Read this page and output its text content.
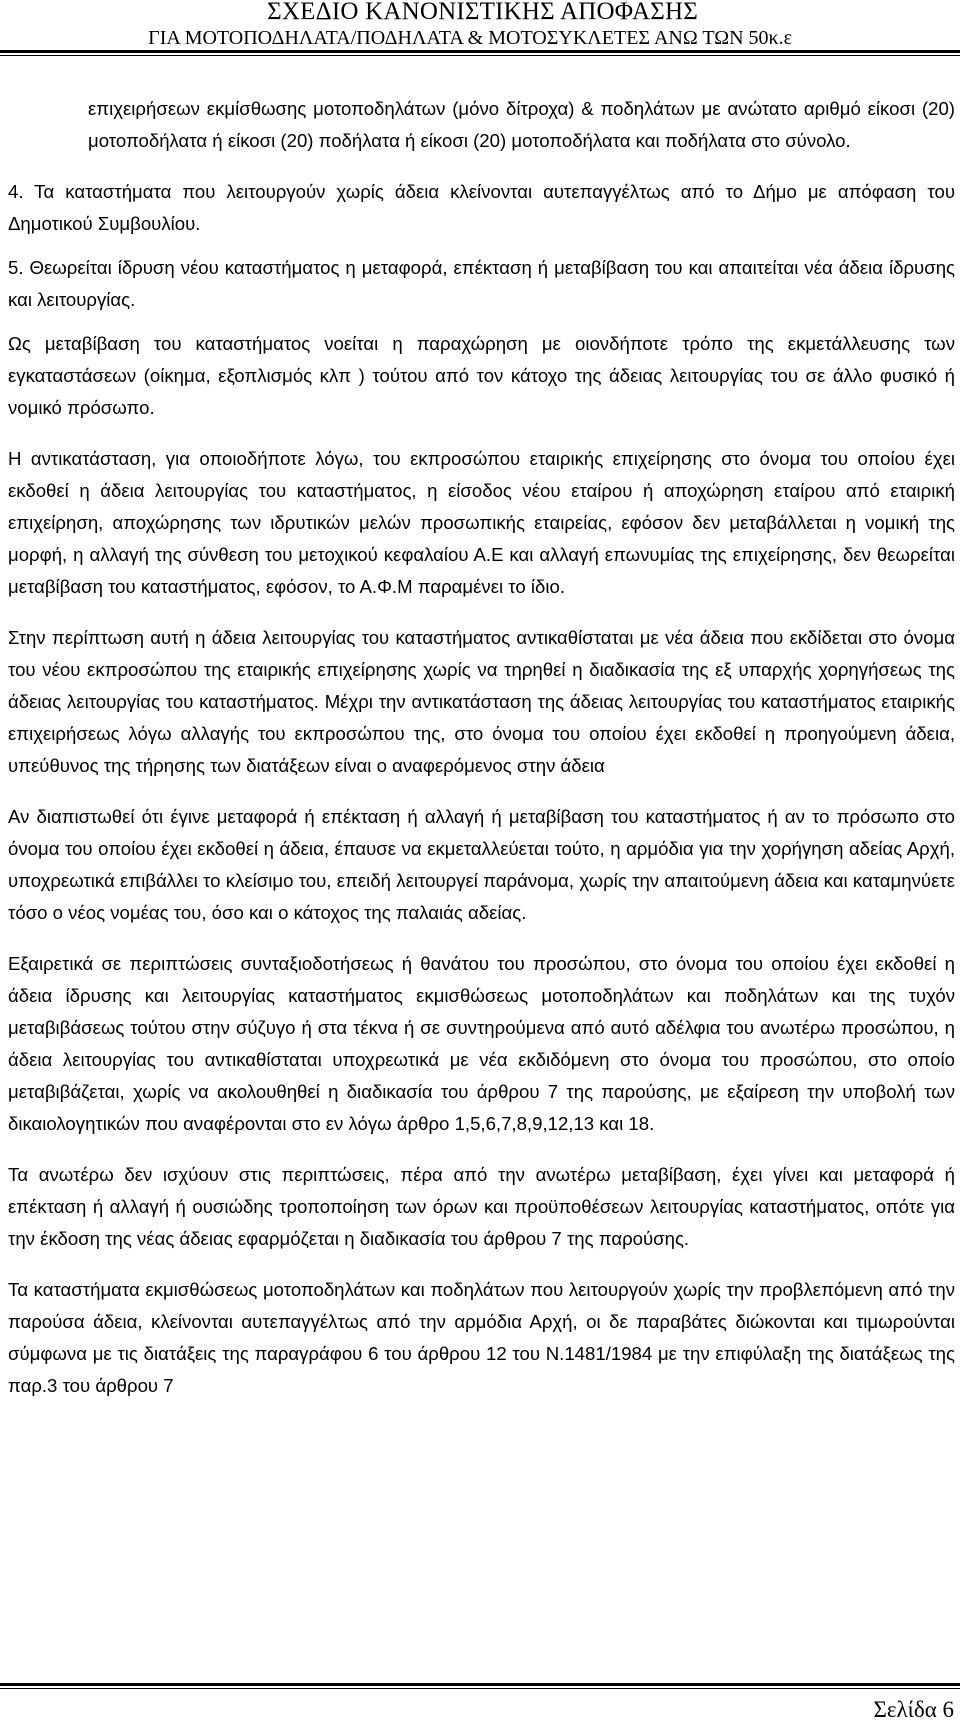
ΣΧΕΔΙΟ ΚΑΝΟΝΙΣΤΙΚΗΣ ΑΠΟΦΑΣΗΣ
ΓΙΑ ΜΟΤΟΠΟΔΗΛΑΤΑ/ΠΟΔΗΛΑΤΑ & ΜΟΤΟΣΥΚΛΕΤΕΣ ΑΝΩ ΤΩΝ 50κ.ε

επιχειρήσεων εκμίσθωσης μοτοποδηλάτων (μόνο δίτροχα) & ποδηλάτων με ανώτατο αριθμό είκοσι (20) μοτοποδήλατα ή είκοσι (20) ποδήλατα ή είκοσι (20) μοτοποδήλατα και ποδήλατα στο σύνολο.

4. Τα καταστήματα που λειτουργούν χωρίς άδεια κλείνονται αυτεπαγγέλτως από το Δήμο με απόφαση του Δημοτικού Συμβουλίου.

5. Θεωρείται ίδρυση νέου καταστήματος η μεταφορά, επέκταση ή μεταβίβαση του και απαιτείται νέα άδεια ίδρυσης και λειτουργίας.

Ως μεταβίβαση του καταστήματος νοείται η παραχώρηση με οιονδήποτε τρόπο της εκμετάλλευσης των εγκαταστάσεων (οίκημα, εξοπλισμός κλπ ) τούτου από τον κάτοχο της άδειας λειτουργίας του σε άλλο φυσικό ή νομικό πρόσωπο.

Η αντικατάσταση, για οποιοδήποτε λόγω, του εκπροσώπου εταιρικής επιχείρησης στο όνομα του οποίου έχει εκδοθεί η άδεια λειτουργίας του καταστήματος, η είσοδος νέου εταίρου ή αποχώρηση εταίρου από εταιρική επιχείρηση, αποχώρησης των ιδρυτικών μελών προσωπικής εταιρείας, εφόσον δεν μεταβάλλεται η νομική της μορφή, η αλλαγή της σύνθεση του μετοχικού κεφαλαίου Α.Ε και αλλαγή επωνυμίας της επιχείρησης, δεν θεωρείται μεταβίβαση του καταστήματος, εφόσον, το Α.Φ.Μ παραμένει το ίδιο.

Στην περίπτωση αυτή η άδεια λειτουργίας του καταστήματος αντικαθίσταται με νέα άδεια που εκδίδεται στο όνομα του νέου εκπροσώπου της εταιρικής επιχείρησης χωρίς να τηρηθεί η διαδικασία της εξ υπαρχής χορηγήσεως της άδειας λειτουργίας του καταστήματος. Μέχρι την αντικατάσταση της άδειας λειτουργίας του καταστήματος εταιρικής επιχειρήσεως λόγω αλλαγής του εκπροσώπου της, στο όνομα του οποίου έχει εκδοθεί η προηγούμενη άδεια, υπεύθυνος της τήρησης των διατάξεων είναι ο αναφερόμενος στην άδεια

Αν διαπιστωθεί ότι έγινε μεταφορά ή επέκταση ή αλλαγή ή μεταβίβαση του καταστήματος ή αν το πρόσωπο στο όνομα του οποίου έχει εκδοθεί η άδεια, έπαυσε να εκμεταλλεύεται τούτο, η αρμόδια για την χορήγηση αδείας Αρχή, υποχρεωτικά επιβάλλει το κλείσιμο του, επειδή λειτουργεί παράνομα, χωρίς την απαιτούμενη άδεια και καταμηνύετε τόσο ο νέος νομέας του, όσο και ο κάτοχος της παλαιάς αδείας.

Εξαιρετικά σε περιπτώσεις συνταξιοδοτήσεως ή θανάτου του προσώπου, στο όνομα του οποίου έχει εκδοθεί η άδεια ίδρυσης και λειτουργίας καταστήματος εκμισθώσεως μοτοποδηλάτων και ποδηλάτων και της τυχόν μεταβιβάσεως τούτου στην σύζυγο ή στα τέκνα ή σε συντηρούμενα από αυτό αδέλφια του ανωτέρω προσώπου, η άδεια λειτουργίας του αντικαθίσταται υποχρεωτικά με νέα εκδιδόμενη στο όνομα του προσώπου, στο οποίο μεταβιβάζεται, χωρίς να ακολουθηθεί η διαδικασία του άρθρου 7 της παρούσης, με εξαίρεση την υποβολή των δικαιολογητικών που αναφέρονται στο εν λόγω άρθρο 1,5,6,7,8,9,12,13 και 18.

Τα ανωτέρω δεν ισχύουν στις περιπτώσεις, πέρα από την ανωτέρω μεταβίβαση, έχει γίνει και μεταφορά ή επέκταση ή αλλαγή ή ουσιώδης τροποποίηση των όρων και προϋποθέσεων λειτουργίας καταστήματος, οπότε για την έκδοση της νέας άδειας εφαρμόζεται η διαδικασία του άρθρου 7 της παρούσης.

Τα καταστήματα εκμισθώσεως μοτοποδηλάτων και ποδηλάτων που λειτουργούν χωρίς την προβλεπόμενη από την παρούσα άδεια, κλείνονται αυτεπαγγέλτως από την αρμόδια Αρχή, οι δε παραβάτες διώκονται και τιμωρούνται σύμφωνα με τις διατάξεις της παραγράφου 6 του άρθρου 12 του Ν.1481/1984 με την επιφύλαξη της διατάξεως της παρ.3 του άρθρου 7

Σελίδα 6
